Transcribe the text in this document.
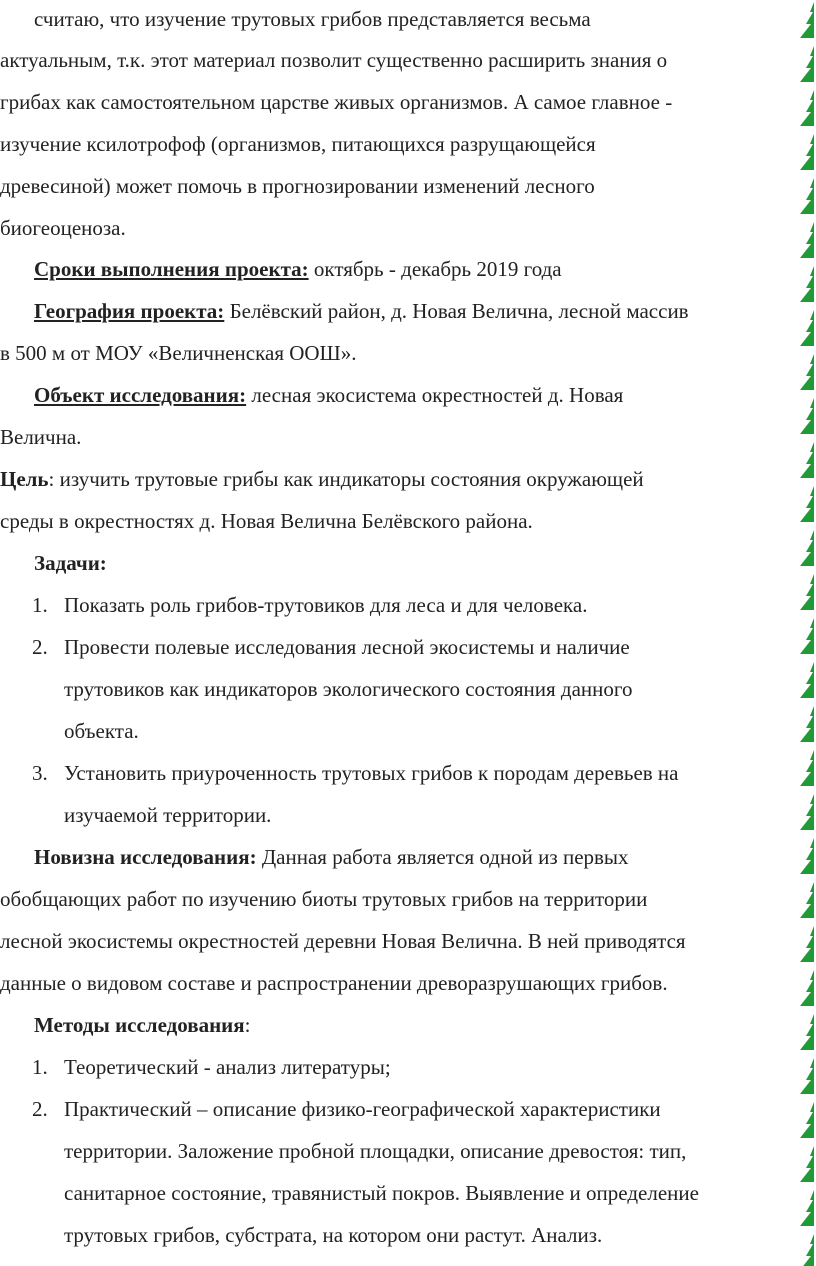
считаю, что изучение трутовых грибов представляется весьма
актуальным, т.к. этот материал позволит существенно расширить знания о
грибах как самостоятельном царстве живых организмов. А самое главное -
изучение ксилотрофоф (организмов, питающихся разрущающейся
древесиной) может помочь в прогнозировании изменений лесного
биогеоценоза.
Сроки выполнения проекта: октябрь - декабрь 2019 года
География проекта: Белёвский район, д. Новая Величнa, лесной массив
в 500 м от МОУ «Величненская ООШ».
Объект исследования: лесная экосистема окрестностей д. Новая
Велична.
Цель: изучить трутовые грибы как индикаторы состояния окружающей
среды в окрестностях д. Новая Величнa Белёвского района.
Задачи:
1. Показать роль грибов-трутовиков для леса и для человека.
2. Провести полевые исследования лесной экосистемы и наличие
трутовиков как индикаторов экологического состояния данного
объекта.
3. Установить приуроченность трутовых грибов к породам деревьев на
изучаемой территории.
Новизна исследования: Данная работа является одной из первых
обобщающих работ по изучению биоты трутовых грибов на территории
лесной экосистемы окрестностей деревни Новая Величнa. В ней приводятся
данные о видовом составе и распространении древоразрушающих грибов.
Методы исследования:
1. Теоретический - анализ литературы;
2. Практический – описание физико-географической характеристики
территории. Заложение пробной площадки, описание древостоя: тип,
санитарное состояние, травянистый покров. Выявление и определение
трутовых грибов, субстрата, на котором они растут. Анализ.
